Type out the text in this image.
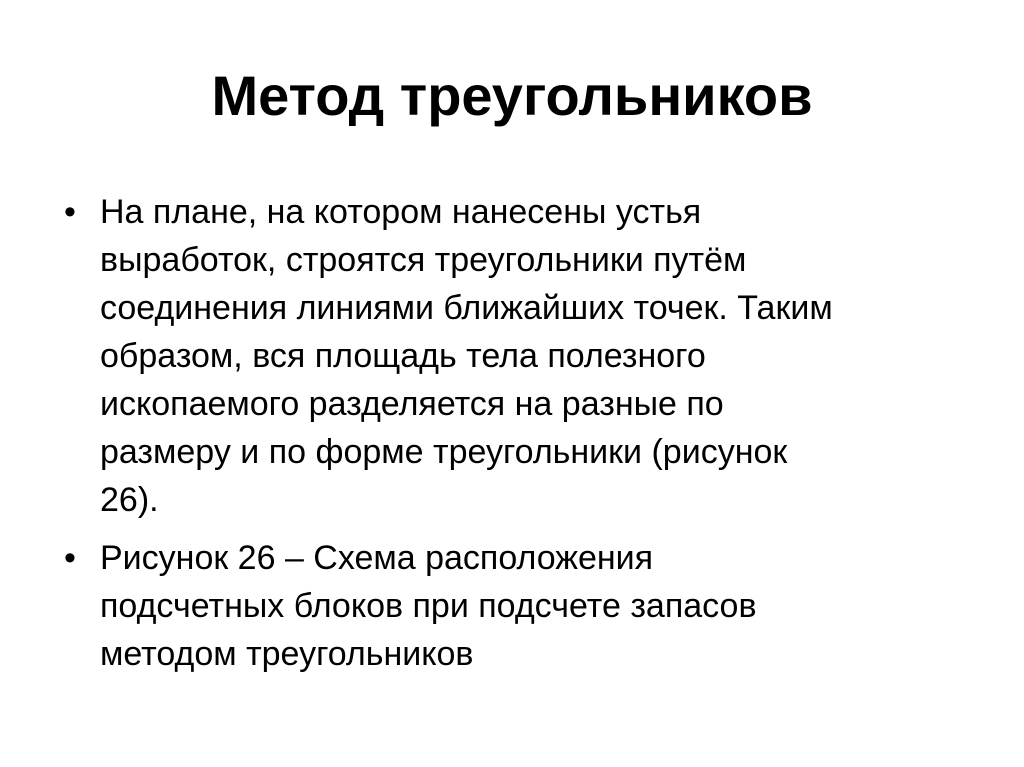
Метод треугольников
• На плане, на котором нанесены устья
выработок, строятся треугольники путём
соединения линиями ближайших точек. Таким
образом, вся площадь тела полезного
ископаемого разделяется на разные по
размеру и по форме треугольники (рисунок
26).
• Рисунок 26 – Схема расположения
подсчетных блоков при подсчете запасов
методом треугольников
